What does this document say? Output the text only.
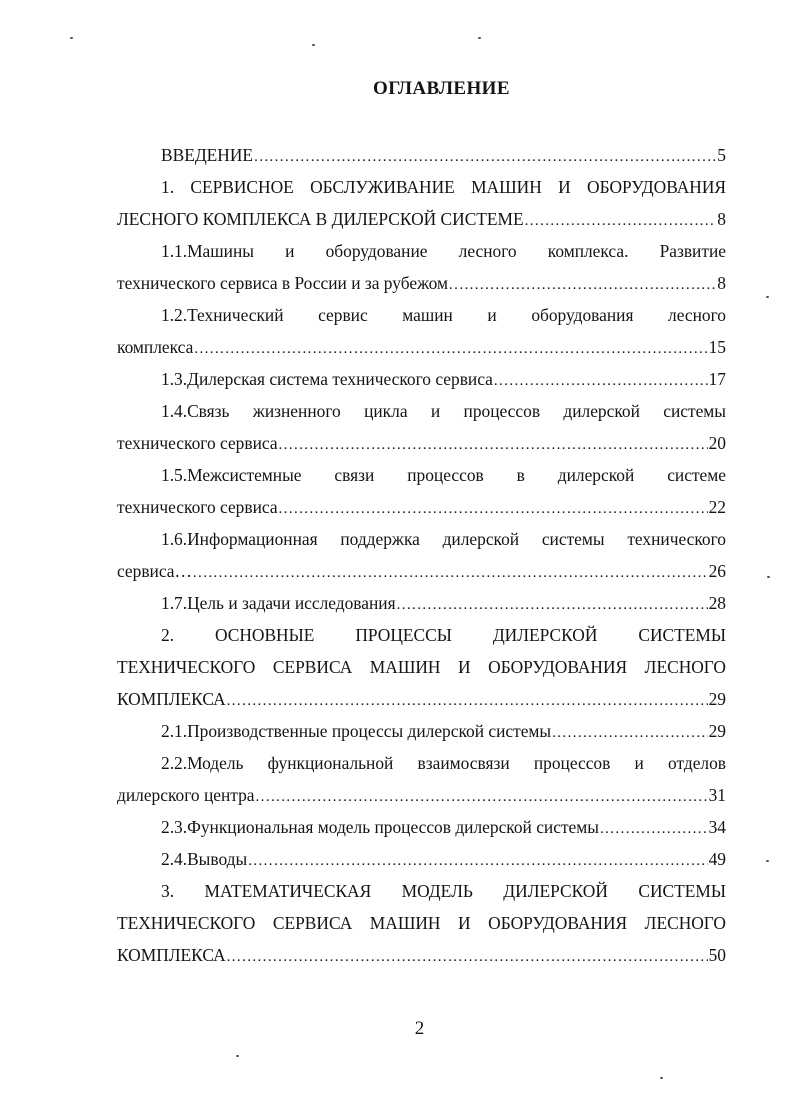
ОГЛАВЛЕНИЕ
ВВЕДЕНИЕ .....	5
1. СЕРВИСНОЕ ОБСЛУЖИВАНИЕ МАШИН И ОБОРУДОВАНИЯ
ЛЕСНОГО КОМПЛЕКСА В ДИЛЕРСКОЙ СИСТЕМЕ .....	8
1.1.Машины и оборудование лесного комплекса. Развитие
технического сервиса в России и за рубежом .....	8
1.2.Технический сервис машин и оборудования лесного
комплекса .....	15
1.3.Дилерская система технического сервиса .....	17
1.4.Связь жизненного цикла и процессов дилерской системы
технического сервиса .....	20
1.5.Межсистемные связи процессов в дилерской системе
технического сервиса .....	22
1.6.Информационная поддержка дилерской системы технического
сервиса… .....	26
1.7.Цель и задачи исследования .....	28
2. ОСНОВНЫЕ ПРОЦЕССЫ ДИЛЕРСКОЙ СИСТЕМЫ
ТЕХНИЧЕСКОГО СЕРВИСА МАШИН И ОБОРУДОВАНИЯ ЛЕСНОГО
КОМПЛЕКСА .....	29
2.1.Производственные процессы дилерской системы .....	29
2.2.Модель функциональной взаимосвязи процессов и отделов
дилерского центра .....	31
2.3.Функциональная модель процессов дилерской системы .....	34
2.4.Выводы .....	49
3. МАТЕМАТИЧЕСКАЯ МОДЕЛЬ ДИЛЕРСКОЙ СИСТЕМЫ
ТЕХНИЧЕСКОГО СЕРВИСА МАШИН И ОБОРУДОВАНИЯ ЛЕСНОГО
КОМПЛЕКСА .....	50
2
